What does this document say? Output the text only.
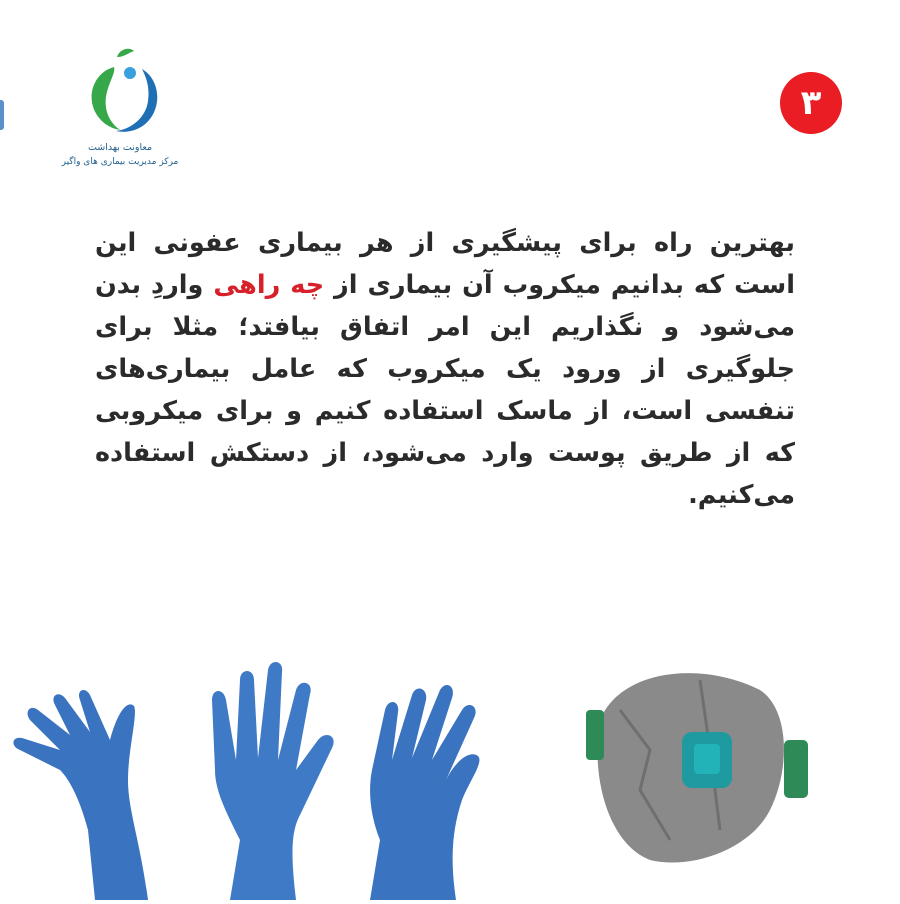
معاونت بهداشت
مرکز مدیریت بیماری های واگیر
۳
بهترین راه برای پیشگیری از هر بیماری عفونی این است که بدانیم میکروب آن بیماری از چه راهی واردِ بدن می‌شود و نگذاریم این امر اتفاق بیافتد؛ مثلا برای جلوگیری از ورود یک میکروب که عامل بیماری‌های تنفسی است، از ماسک استفاده کنیم و برای میکروبی که از طریق پوست وارد می‌شود، از دستکش استفاده می‌کنیم.
